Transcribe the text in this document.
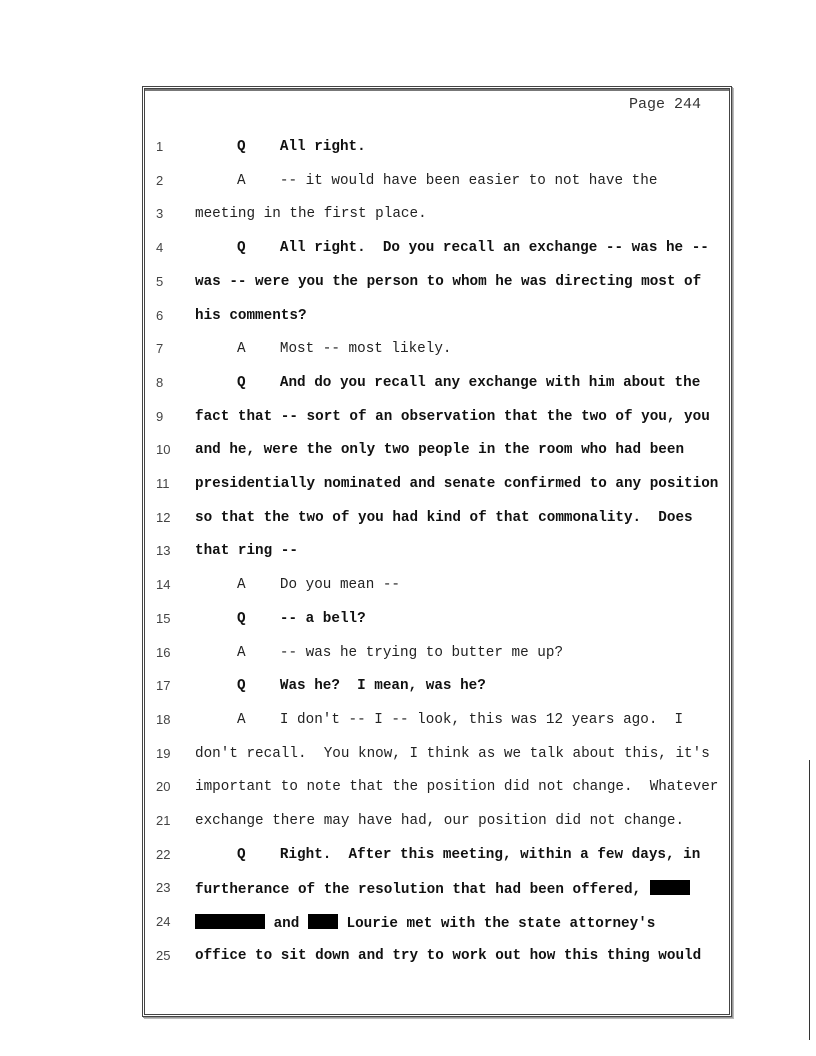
Page 244
1	Q    All right.
2	A    -- it would have been easier to not have the
3 meeting in the first place.
4	Q    All right.  Do you recall an exchange -- was he --
5 was -- were you the person to whom he was directing most of
6 his comments?
7	A    Most -- most likely.
8	Q    And do you recall any exchange with him about the
9 fact that -- sort of an observation that the two of you, you
10 and he, were the only two people in the room who had been
11 presidentially nominated and senate confirmed to any position
12 so that the two of you had kind of that commonality.  Does
13 that ring --
14	A    Do you mean --
15	Q    -- a bell?
16	A    -- was he trying to butter me up?
17	Q    Was he?  I mean, was he?
18	A    I don't -- I -- look, this was 12 years ago.  I
19 don't recall.  You know, I think as we talk about this, it's
20 important to note that the position did not change.  Whatever
21 exchange there may have had, our position did not change.
22	Q    Right.  After this meeting, within a few days, in
23 furtherance of the resolution that had been offered,
24	and  Lourie met with the state attorney's
25 office to sit down and try to work out how this thing would
